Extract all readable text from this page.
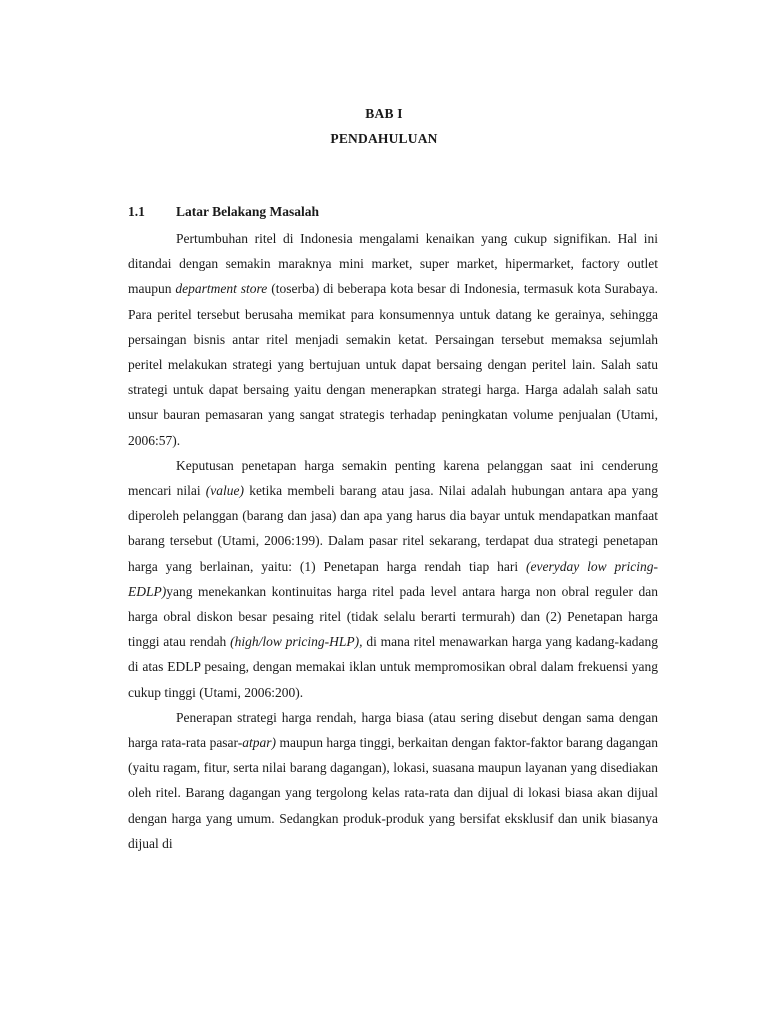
BAB I
PENDAHULUAN
1.1 Latar Belakang Masalah

Pertumbuhan ritel di Indonesia mengalami kenaikan yang cukup signifikan. Hal ini ditandai dengan semakin maraknya mini market, super market, hipermarket, factory outlet maupun department store (toserba) di beberapa kota besar di Indonesia, termasuk kota Surabaya. Para peritel tersebut berusaha memikat para konsumennya untuk datang ke gerainya, sehingga persaingan bisnis antar ritel menjadi semakin ketat. Persaingan tersebut memaksa sejumlah peritel melakukan strategi yang bertujuan untuk dapat bersaing dengan peritel lain. Salah satu strategi untuk dapat bersaing yaitu dengan menerapkan strategi harga. Harga adalah salah satu unsur bauran pemasaran yang sangat strategis terhadap peningkatan volume penjualan (Utami, 2006:57).

Keputusan penetapan harga semakin penting karena pelanggan saat ini cenderung mencari nilai (value) ketika membeli barang atau jasa. Nilai adalah hubungan antara apa yang diperoleh pelanggan (barang dan jasa) dan apa yang harus dia bayar untuk mendapatkan manfaat barang tersebut (Utami, 2006:199). Dalam pasar ritel sekarang, terdapat dua strategi penetapan harga yang berlainan, yaitu: (1) Penetapan harga rendah tiap hari (everyday low pricing-EDLP)yang menekankan kontinuitas harga ritel pada level antara harga non obral reguler dan harga obral diskon besar pesaing ritel (tidak selalu berarti termurah) dan (2) Penetapan harga tinggi atau rendah (high/low pricing-HLP), di mana ritel menawarkan harga yang kadang-kadang di atas EDLP pesaing, dengan memakai iklan untuk mempromosikan obral dalam frekuensi yang cukup tinggi (Utami, 2006:200).

Penerapan strategi harga rendah, harga biasa (atau sering disebut dengan sama dengan harga rata-rata pasar-atpar) maupun harga tinggi, berkaitan dengan faktor-faktor barang dagangan (yaitu ragam, fitur, serta nilai barang dagangan), lokasi, suasana maupun layanan yang disediakan oleh ritel. Barang dagangan yang tergolong kelas rata-rata dan dijual di lokasi biasa akan dijual dengan harga yang umum. Sedangkan produk-produk yang bersifat eksklusif dan unik biasanya dijual di
